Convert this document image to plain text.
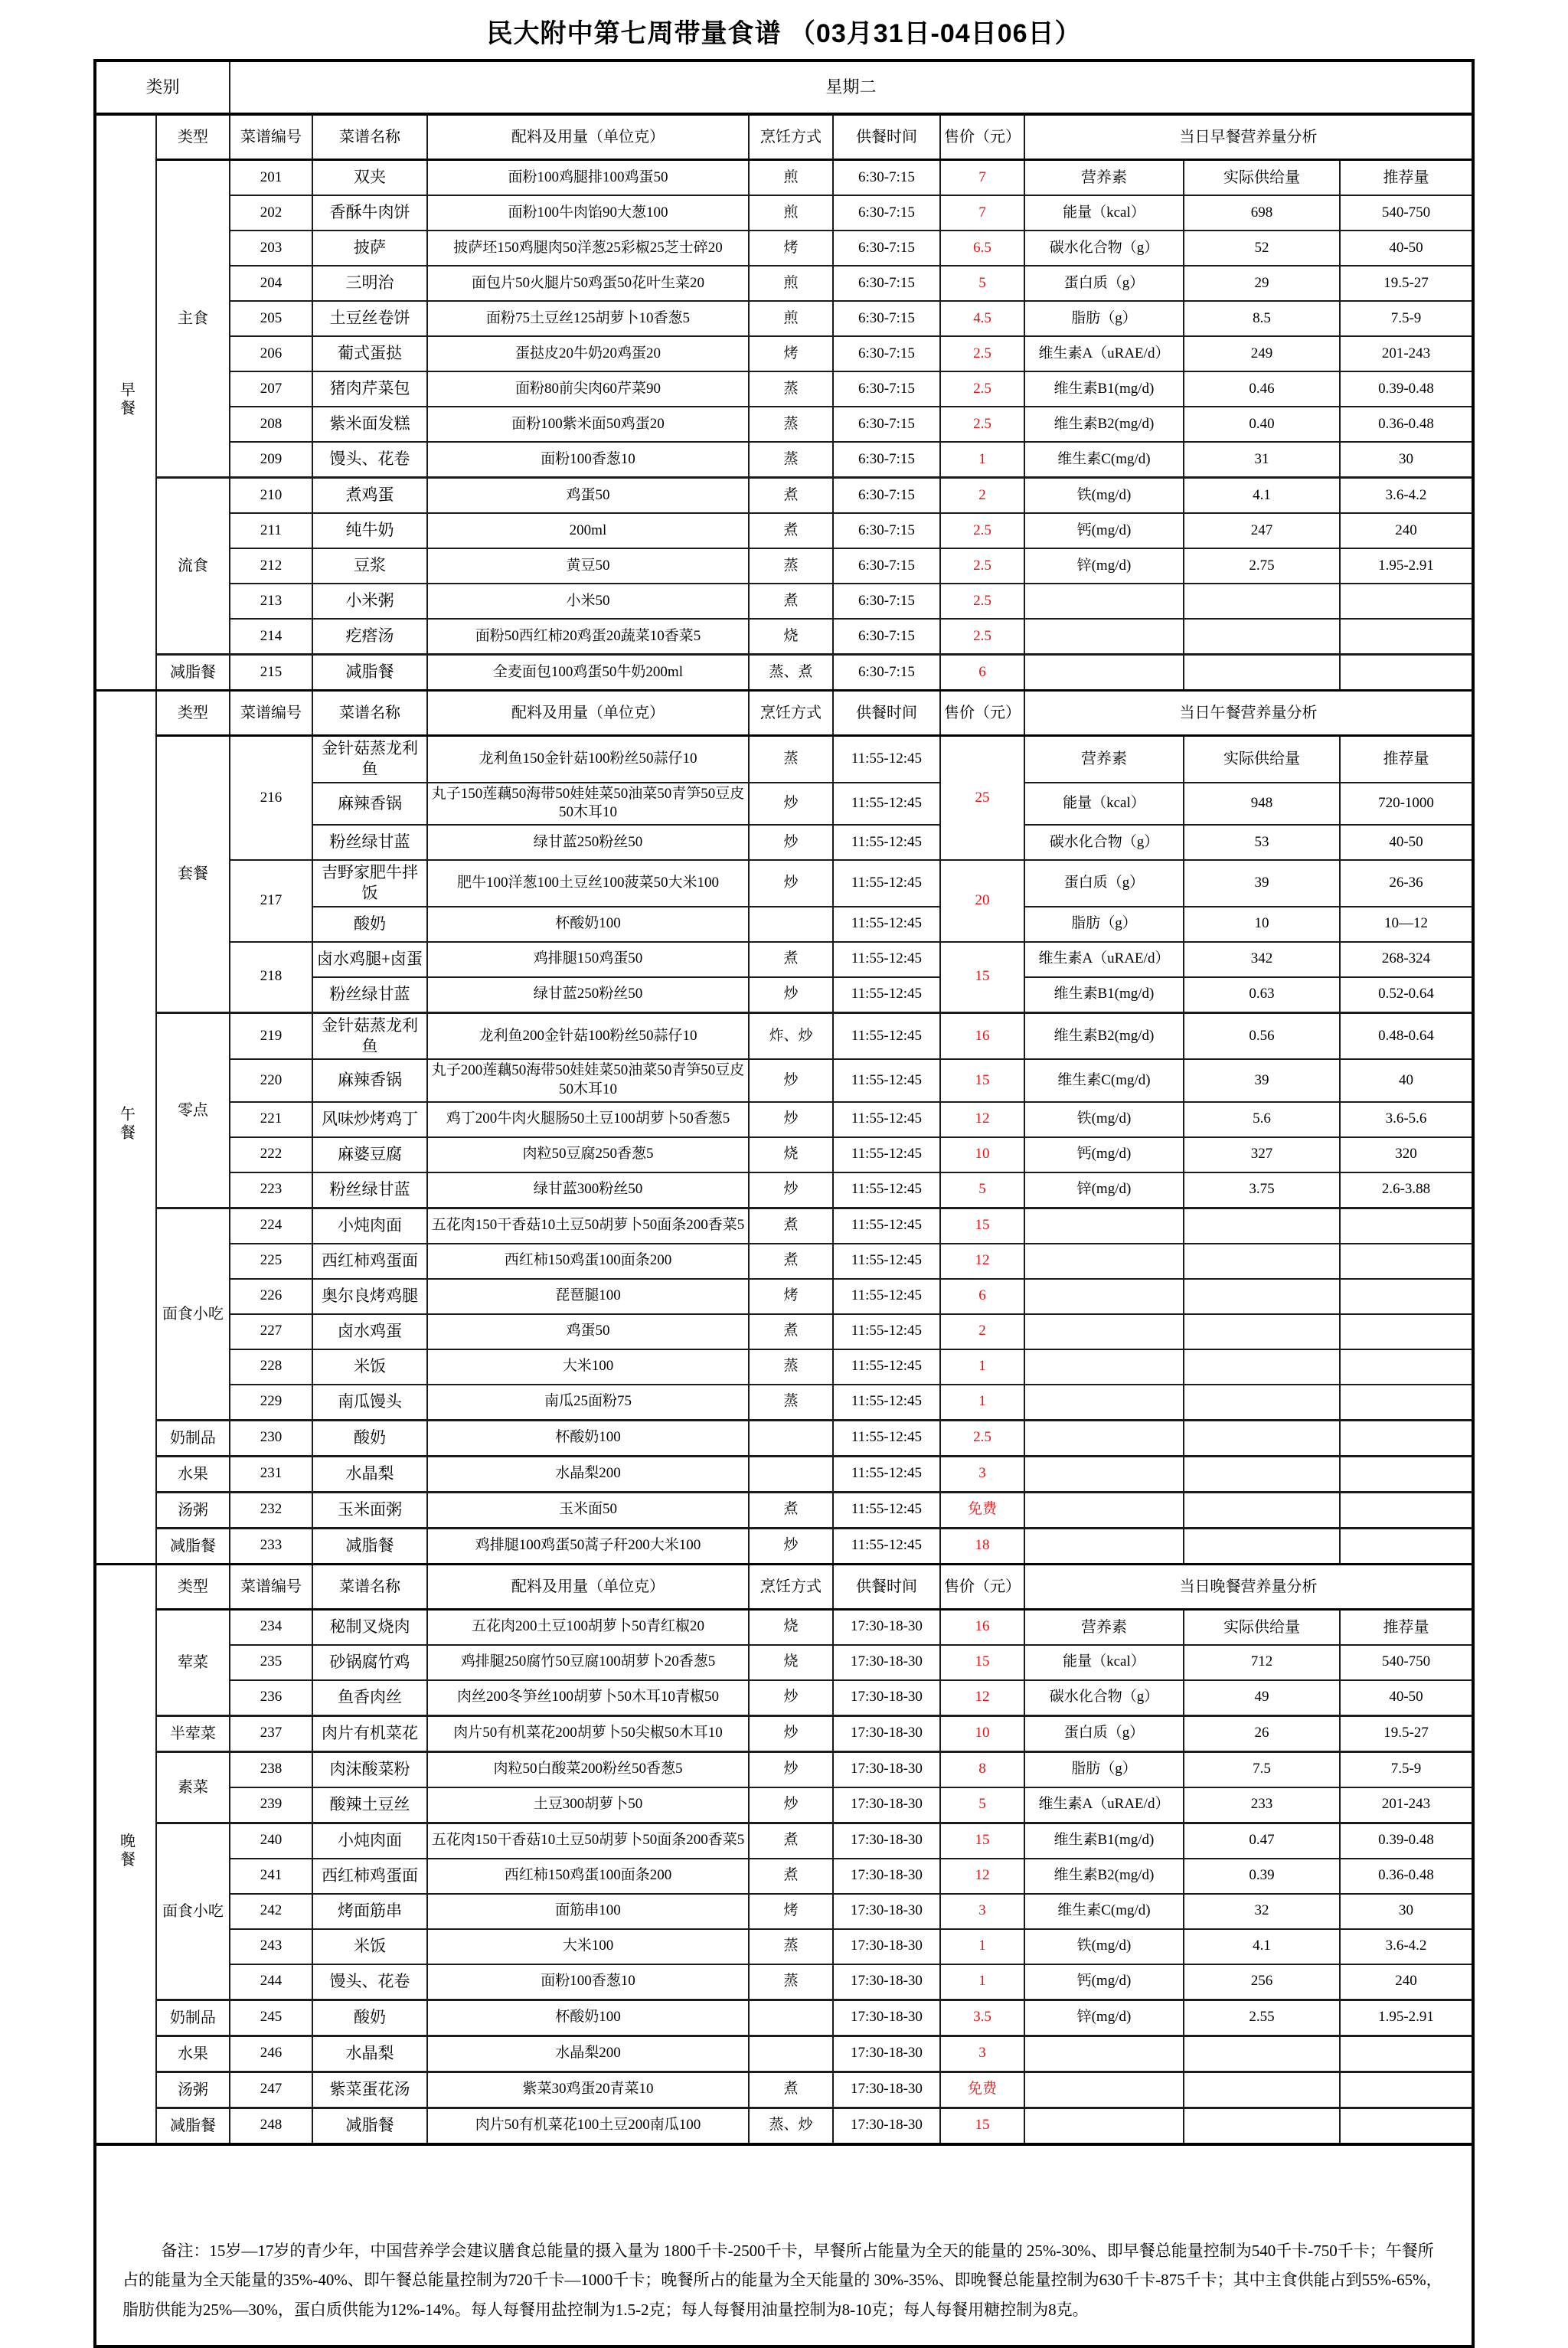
民大附中第七周带量食谱 （03月31日-04日06日）
类别		星期二								
早餐	类型	菜谱编号	菜谱名称	配料及用量（单位克）	烹饪方式	供餐时间	售价（元）	当日早餐营养量分析		
	主食	201	双夹	面粉100鸡腿排100鸡蛋50	煎	6:30-7:15	7	营养素	实际供给量	推荐量
		202	香酥牛肉饼	面粉100牛肉馅90大葱100	煎	6:30-7:15	7	能量（kcal）	698	540-750
		203	披萨	披萨坯150鸡腿肉50洋葱25彩椒25芝士碎20	烤	6:30-7:15	6.5	碳水化合物（g）	52	40-50
		204	三明治	面包片50火腿片50鸡蛋50花叶生菜20	煎	6:30-7:15	5	蛋白质（g）	29	19.5-27
		205	土豆丝卷饼	面粉75土豆丝125胡萝卜10香葱5	煎	6:30-7:15	4.5	脂肪（g）	8.5	7.5-9
		206	葡式蛋挞	蛋挞皮20牛奶20鸡蛋20	烤	6:30-7:15	2.5	维生素A（uRAE/d）	249	201-243
		207	猪肉芹菜包	面粉80前尖肉60芹菜90	蒸	6:30-7:15	2.5	维生素B1(mg/d)	0.46	0.39-0.48
		208	紫米面发糕	面粉100紫米面50鸡蛋20	蒸	6:30-7:15	2.5	维生素B2(mg/d)	0.40	0.36-0.48
		209	馒头、花卷	面粉100香葱10	蒸	6:30-7:15	1	维生素C(mg/d)	31	30
	流食	210	煮鸡蛋	鸡蛋50	煮	6:30-7:15	2	铁(mg/d)	4.1	3.6-4.2
		211	纯牛奶	200ml	煮	6:30-7:15	2.5	钙(mg/d)	247	240
		212	豆浆	黄豆50	蒸	6:30-7:15	2.5	锌(mg/d)	2.75	1.95-2.91
		213	小米粥	小米50	煮	6:30-7:15	2.5			
		214	疙瘩汤	面粉50西红柿20鸡蛋20蔬菜10香菜5	烧	6:30-7:15	2.5			
	减脂餐	215	减脂餐	全麦面包100鸡蛋50牛奶200ml	蒸、煮	6:30-7:15	6			
午餐	类型	菜谱编号	菜谱名称	配料及用量（单位克）	烹饪方式	供餐时间	售价（元）	当日午餐营养量分析		
	套餐	216	金针菇蒸龙利鱼	龙利鱼150金针菇100粉丝50蒜仔10	蒸	11:55-12:45	25	营养素	实际供给量	推荐量
			麻辣香锅	丸子150莲藕50海带50娃娃菜50油菜50青笋50豆皮50木耳10	炒	11:55-12:45		能量（kcal）	948	720-1000
			粉丝绿甘蓝	绿甘蓝250粉丝50	炒	11:55-12:45		碳水化合物（g）	53	40-50
		217	吉野家肥牛拌饭	肥牛100洋葱100土豆丝100菠菜50大米100	炒	11:55-12:45	20	蛋白质（g）	39	26-36
			酸奶	杯酸奶100		11:55-12:45		脂肪（g）	10	10—12
		218	卤水鸡腿+卤蛋	鸡排腿150鸡蛋50	煮	11:55-12:45	15	维生素A（uRAE/d）	342	268-324
			粉丝绿甘蓝	绿甘蓝250粉丝50	炒	11:55-12:45		维生素B1(mg/d)	0.63	0.52-0.64
	零点	219	金针菇蒸龙利鱼	龙利鱼200金针菇100粉丝50蒜仔10	炸、炒	11:55-12:45	16	维生素B2(mg/d)	0.56	0.48-0.64
		220	麻辣香锅	丸子200莲藕50海带50娃娃菜50油菜50青笋50豆皮50木耳10	炒	11:55-12:45	15	维生素C(mg/d)	39	40
		221	风味炒烤鸡丁	鸡丁200牛肉火腿肠50土豆100胡萝卜50香葱5	炒	11:55-12:45	12	铁(mg/d)	5.6	3.6-5.6
		222	麻婆豆腐	肉粒50豆腐250香葱5	烧	11:55-12:45	10	钙(mg/d)	327	320
		223	粉丝绿甘蓝	绿甘蓝300粉丝50	炒	11:55-12:45	5	锌(mg/d)	3.75	2.6-3.88
	面食小吃	224	小炖肉面	五花肉150干香菇10土豆50胡萝卜50面条200香菜5	煮	11:55-12:45	15			
		225	西红柿鸡蛋面	西红柿150鸡蛋100面条200	煮	11:55-12:45	12			
		226	奥尔良烤鸡腿	琵琶腿100	烤	11:55-12:45	6			
		227	卤水鸡蛋	鸡蛋50	煮	11:55-12:45	2			
		228	米饭	大米100	蒸	11:55-12:45	1			
		229	南瓜馒头	南瓜25面粉75	蒸	11:55-12:45	1			
	奶制品	230	酸奶	杯酸奶100		11:55-12:45	2.5			
	水果	231	水晶梨	水晶梨200		11:55-12:45	3			
	汤粥	232	玉米面粥	玉米面50	煮	11:55-12:45	免费			
	减脂餐	233	减脂餐	鸡排腿100鸡蛋50蒿子秆200大米100	炒	11:55-12:45	18			
晚餐	类型	菜谱编号	菜谱名称	配料及用量（单位克）	烹饪方式	供餐时间	售价（元）	当日晚餐营养量分析		
	荤菜	234	秘制叉烧肉	五花肉200土豆100胡萝卜50青红椒20	烧	17:30-18-30	16	营养素	实际供给量	推荐量
		235	砂锅腐竹鸡	鸡排腿250腐竹50豆腐100胡萝卜20香葱5	烧	17:30-18-30	15	能量（kcal）	712	540-750
		236	鱼香肉丝	肉丝200冬笋丝100胡萝卜50木耳10青椒50	炒	17:30-18-30	12	碳水化合物（g）	49	40-50
	半荤菜	237	肉片有机菜花	肉片50有机菜花200胡萝卜50尖椒50木耳10	炒	17:30-18-30	10	蛋白质（g）	26	19.5-27
	素菜	238	肉沫酸菜粉	肉粒50白酸菜200粉丝50香葱5	炒	17:30-18-30	8	脂肪（g）	7.5	7.5-9
		239	酸辣土豆丝	土豆300胡萝卜50	炒	17:30-18-30	5	维生素A（uRAE/d）	233	201-243
	面食小吃	240	小炖肉面	五花肉150干香菇10土豆50胡萝卜50面条200香菜5	煮	17:30-18-30	15	维生素B1(mg/d)	0.47	0.39-0.48
		241	西红柿鸡蛋面	西红柿150鸡蛋100面条200	煮	17:30-18-30	12	维生素B2(mg/d)	0.39	0.36-0.48
		242	烤面筋串	面筋串100	烤	17:30-18-30	3	维生素C(mg/d)	32	30
		243	米饭	大米100	蒸	17:30-18-30	1	铁(mg/d)	4.1	3.6-4.2
		244	馒头、花卷	面粉100香葱10	蒸	17:30-18-30	1	钙(mg/d)	256	240
	奶制品	245	酸奶	杯酸奶100		17:30-18-30	3.5	锌(mg/d)	2.55	1.95-2.91
	水果	246	水晶梨	水晶梨200		17:30-18-30	3			
	汤粥	247	紫菜蛋花汤	紫菜30鸡蛋20青菜10	煮	17:30-18-30	免费			
	减脂餐	248	减脂餐	肉片50有机菜花100土豆200南瓜100	蒸、炒	17:30-18-30	15			
备注：15岁—17岁的青少年，中国营养学会建议膳食总能量的摄入量为 1800千卡-2500千卡，早餐所占能量为全天的能量的 25%-30%、即早餐总能量控制为540千卡-750千卡；午餐所占的能量为全天能量的35%-40%、即午餐总能量控制为720千卡—1000千卡；晚餐所占的能量为全天能量的 30%-35%、即晚餐总能量控制为630千卡-875千卡；其中主食供能占到55%-65%，脂肪供能为25%—30%，蛋白质供能为12%-14%。每人每餐用盐控制为1.5-2克；每人每餐用油量控制为8-10克；每人每餐用糖控制为8克。										
